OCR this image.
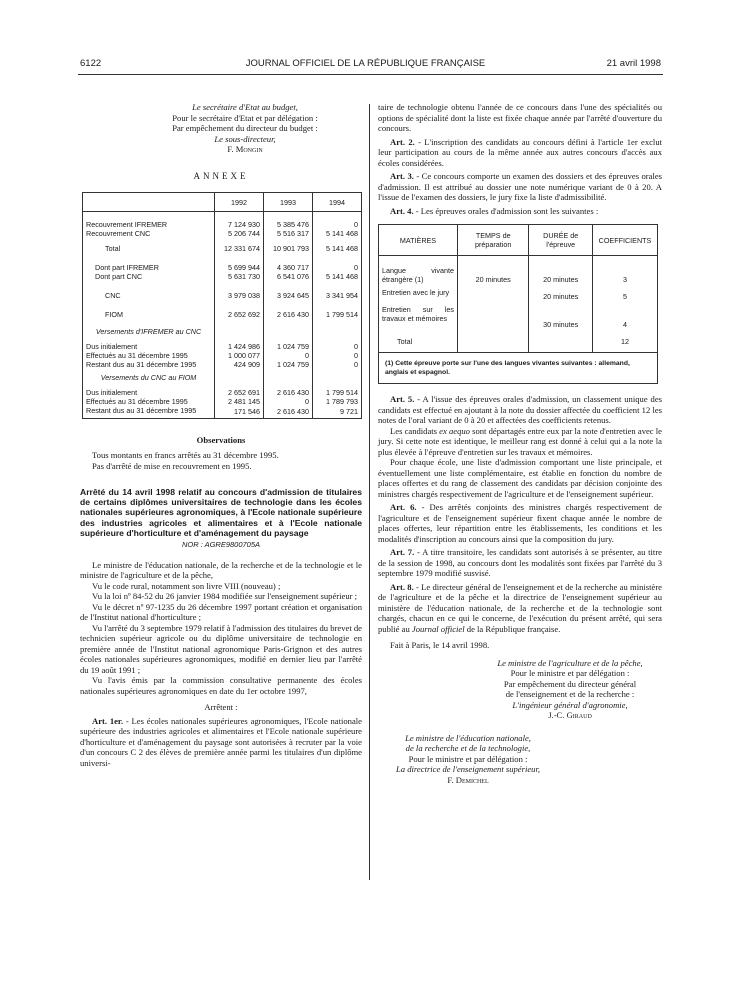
6122	JOURNAL OFFICIEL DE LA RÉPUBLIQUE FRANÇAISE	21 avril 1998

Le secrétaire d'Etat au budget,

Pour le secrétaire d'Etat et par délégation :

Par empêchement du directeur du budget :

Le sous-directeur,

F. Mongin

ANNEXE

	1992	1993	1994

Recouvrement IFREMER	7 124 930	5 385 476	0
Recouvrement CNC	5 206 744	5 516 317	5 141 468

Total	12 331 674	10 901 793	5 141 468

Dont part IFREMER	5 699 944	4 360 717	0
Dont part CNC	5 631 730	6 541 076	5 141 468

CNC	3 979 038	3 924 645	3 341 954

FIOM	2 652 692	2 616 430	1 799 514
Versements d'IFREMER au CNC			
Dus initialement	1 424 986	1 024 759	0
Effectués au 31 décembre 1995	1 000 077	0	0
Restant dus au 31 décembre 1995	424 909	1 024 759	0
Versements du CNC au FIOM			
Dus initialement	2 652 691	2 616 430	1 799 514
Effectués au 31 décembre 1995	2 481 145	0	1 789 793
Restant dus au 31 décembre 1995	171 546	2 616 430	9 721

Observations

Tous montants en francs arrêtés au 31 décembre 1995.

Pas d'arrêté de mise en recouvrement en 1995.

Arrêté du 14 avril 1998 relatif au concours d'admission de titulaires de certains diplômes universitaires de technologie dans les écoles nationales supérieures agronomiques, à l'Ecole nationale supérieure des industries agricoles et alimentaires et à l'Ecole nationale supérieure d'horticulture et d'aménagement du paysage

NOR : AGRE9800705A

Le ministre de l'éducation nationale, de la recherche et de la technologie et le ministre de l'agriculture et de la pêche,

Vu le code rural, notamment son livre VIII (nouveau) ;

Vu la loi nº 84-52 du 26 janvier 1984 modifiée sur l'enseignement supérieur ;

Vu le décret nº 97-1235 du 26 décembre 1997 portant création et organisation de l'Institut national d'horticulture ;

Vu l'arrêté du 3 septembre 1979 relatif à l'admission des titulaires du brevet de technicien supérieur agricole ou du diplôme universitaire de technologie en première année de l'Institut national agronomique Paris-Grignon et des autres écoles nationales supérieures agronomiques, modifié en dernier lieu par l'arrêté du 19 août 1991 ;

Vu l'avis émis par la commission consultative permanente des écoles nationales supérieures agronomiques en date du 1er octobre 1997,

Arrêtent :

Art. 1er. - Les écoles nationales supérieures agronomiques, l'Ecole nationale supérieure des industries agricoles et alimentaires et l'Ecole nationale supérieure d'horticulture et d'aménagement du paysage sont autorisées à recruter par la voie d'un concours C 2 des élèves de première année parmi les titulaires d'un diplôme universi-

taire de technologie obtenu l'année de ce concours dans l'une des spécialités ou options de spécialité dont la liste est fixée chaque année par l'arrêté d'ouverture du concours.

Art. 2. - L'inscription des candidats au concours défini à l'article 1er exclut leur participation au cours de la même année aux autres concours d'accès aux écoles considérées.

Art. 3. - Ce concours comporte un examen des dossiers et des épreuves orales d'admission. Il est attribué au dossier une note numérique variant de 0 à 20. A l'issue de l'examen des dossiers, le jury fixe la liste d'admissibilité.

Art. 4. - Les épreuves orales d'admission sont les suivantes :

MATIÈRES	TEMPS de préparation	DURÉE de l'épreuve	COEFFICIENTS
Langue vivante étrangère (1)	20 minutes	20 minutes	3
Entretien avec le jury		20 minutes	5
Entretien sur les travaux et mémoires		30 minutes	4
Total			12
(1) Cette épreuve porte sur l'une des langues vivantes suivantes : allemand, anglais et espagnol.			

Art. 5. - A l'issue des épreuves orales d'admission, un classement unique des candidats est effectué en ajoutant à la note du dossier affectée du coefficient 12 les notes de l'oral variant de 0 à 20 et affectées des coefficients retenus.

Les candidats ex aequo sont départagés entre eux par la note d'entretien avec le jury. Si cette note est identique, le meilleur rang est donné à celui qui a la note la plus élevée à l'épreuve d'entretien sur les travaux et mémoires.

Pour chaque école, une liste d'admission comportant une liste principale, et éventuellement une liste complémentaire, est établie en fonction du nombre de places offertes et du rang de classement des candidats par décision conjointe des ministres chargés respectivement de l'agriculture et de l'enseignement supérieur.

Art. 6. - Des arrêtés conjoints des ministres chargés respectivement de l'agriculture et de l'enseignement supérieur fixent chaque année le nombre de places offertes, leur répartition entre les établissements, les conditions et les modalités d'inscription au concours ainsi que la composition du jury.

Art. 7. - A titre transitoire, les candidats sont autorisés à se présenter, au titre de la session de 1998, au concours dont les modalités sont fixées par l'arrêté du 3 septembre 1979 modifié susvisé.

Art. 8. - Le directeur général de l'enseignement et de la recherche au ministère de l'agriculture et de la pêche et la directrice de l'enseignement supérieur au ministère de l'éducation nationale, de la recherche et de la technologie sont chargés, chacun en ce qui le concerne, de l'exécution du présent arrêté, qui sera publié au Journal officiel de la République française.

Fait à Paris, le 14 avril 1998.

Le ministre de l'agriculture et de la pêche,

Pour le ministre et par délégation :

Par empêchement du directeur général

de l'enseignement et de la recherche :

L'ingénieur général d'agronomie,

J.-C. Giraud

Le ministre de l'éducation nationale,

de la recherche et de la technologie,

Pour le ministre et par délégation :

La directrice de l'enseignement supérieur,

F. Demichel
